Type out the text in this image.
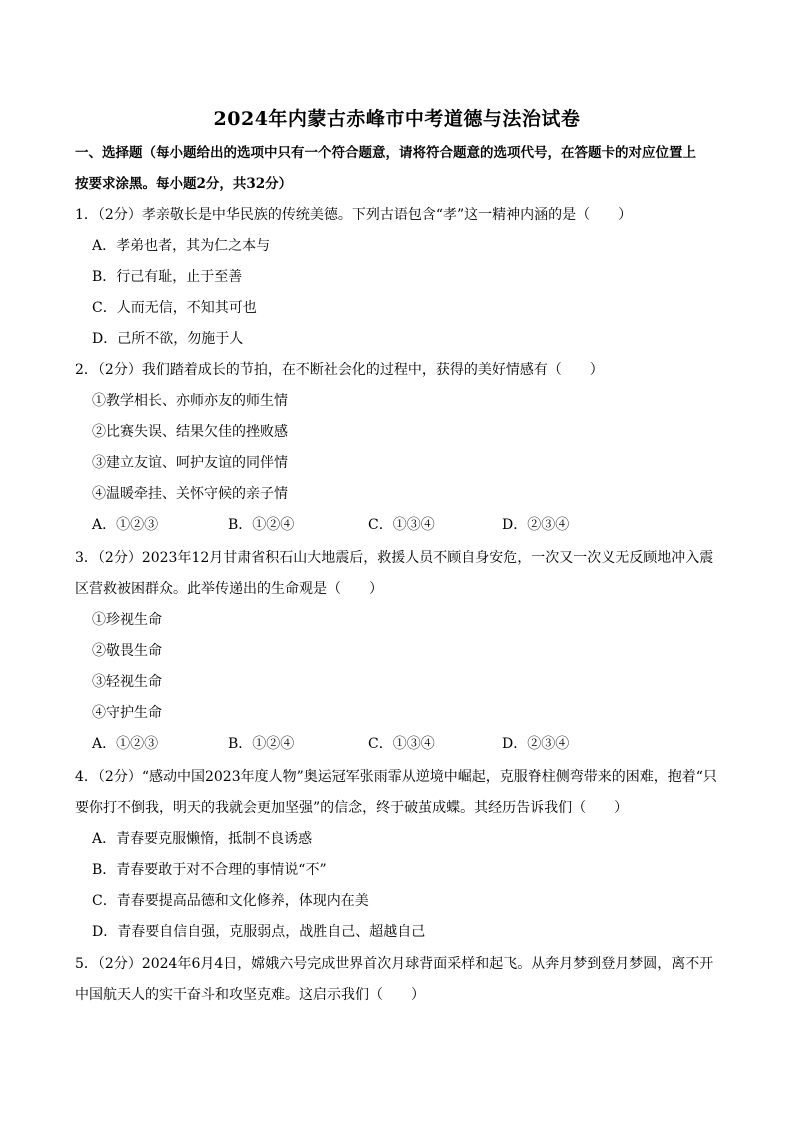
2024年内蒙古赤峰市中考道德与法治试卷
一、选择题（每小题给出的选项中只有一个符合题意，请将符合题意的选项代号，在答题卡的对应位置上
按要求涂黑。每小题2分，共32分）
1．（2分）孝亲敬长是中华民族的传统美德。下列古语包含“孝”这一精神内涵的是（　　）
A．孝弟也者，其为仁之本与
B．行己有耻，止于至善
C．人而无信，不知其可也
D．己所不欲，勿施于人
2．（2分）我们踏着成长的节拍，在不断社会化的过程中，获得的美好情感有（　　）
①教学相长、亦师亦友的师生情
②比赛失误、结果欠佳的挫败感
③建立友谊、呵护友谊的同伴情
④温暖牵挂、关怀守候的亲子情
A．①②③	B．①②④	C．①③④	D．②③④
3．（2分）2023年12月甘肃省积石山大地震后，救援人员不顾自身安危，一次又一次义无反顾地冲入震
区营救被困群众。此举传递出的生命观是（　　）
①珍视生命
②敬畏生命
③轻视生命
④守护生命
A．①②③	B．①②④	C．①③④	D．②③④
4．（2分）“感动中国2023年度人物”奥运冠军张雨霏从逆境中崛起，克服脊柱侧弯带来的困难，抱着“只
要你打不倒我，明天的我就会更加坚强”的信念，终于破茧成蝶。其经历告诉我们（　　）
A．青春要克服懒惰，抵制不良诱惑
B．青春要敢于对不合理的事情说“不”
C．青春要提高品德和文化修养，体现内在美
D．青春要自信自强，克服弱点，战胜自己、超越自己
5．（2分）2024年6月4日，嫦娥六号完成世界首次月球背面采样和起飞。从奔月梦到登月梦圆，离不开
中国航天人的实干奋斗和攻坚克难。这启示我们（　　）
